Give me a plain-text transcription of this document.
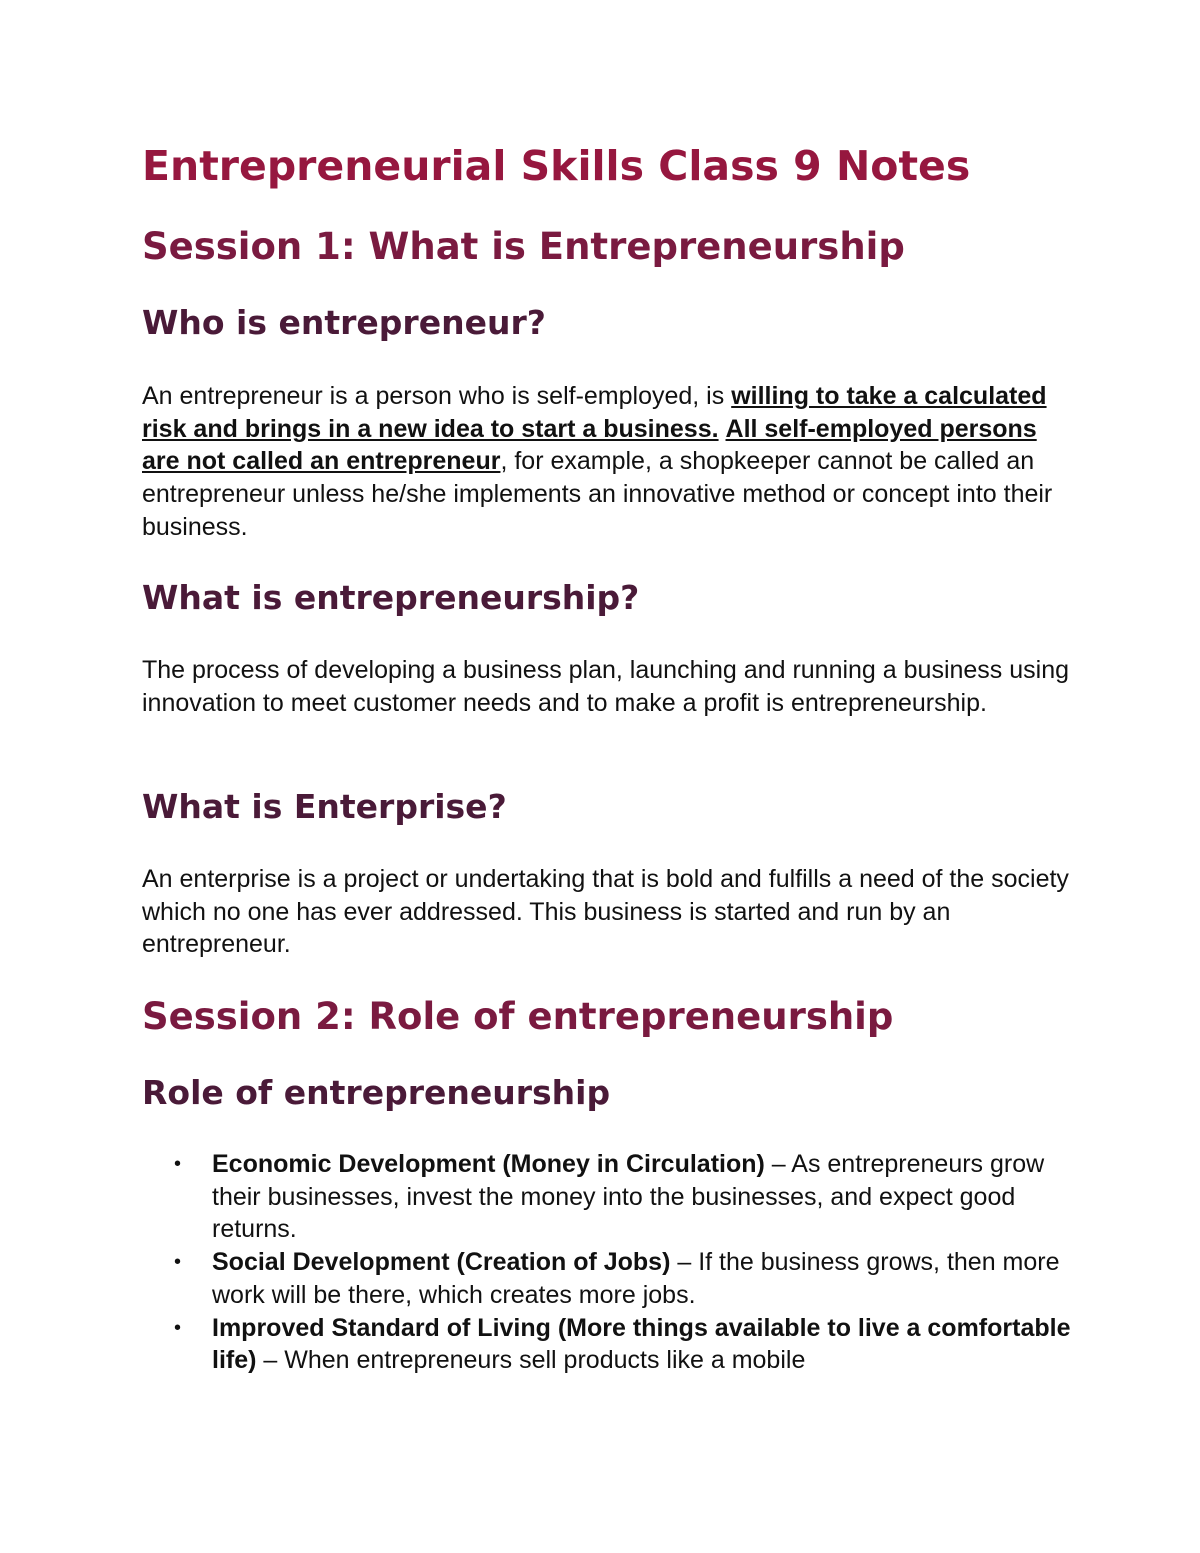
Entrepreneurial Skills Class 9 Notes
Session 1: What is Entrepreneurship
Who is entrepreneur?

An entrepreneur is a person who is self-employed, is willing to take a calculated risk and brings in a new idea to start a business. All self-employed persons are not called an entrepreneur, for example, a shopkeeper cannot be called an entrepreneur unless he/she implements an innovative method or concept into their business.

What is entrepreneurship?

The process of developing a business plan, launching and running a business using innovation to meet customer needs and to make a profit is entrepreneurship.

What is Enterprise?

An enterprise is a project or undertaking that is bold and fulfills a need of the society which no one has ever addressed. This business is started and run by an entrepreneur.

Session 2: Role of entrepreneurship
Role of entrepreneurship
• Economic Development (Money in Circulation) – As entrepreneurs grow their businesses, invest the money into the businesses, and expect good returns.
• Social Development (Creation of Jobs) – If the business grows, then more work will be there, which creates more jobs.
• Improved Standard of Living (More things available to live a comfortable life) – When entrepreneurs sell products like a mobile
